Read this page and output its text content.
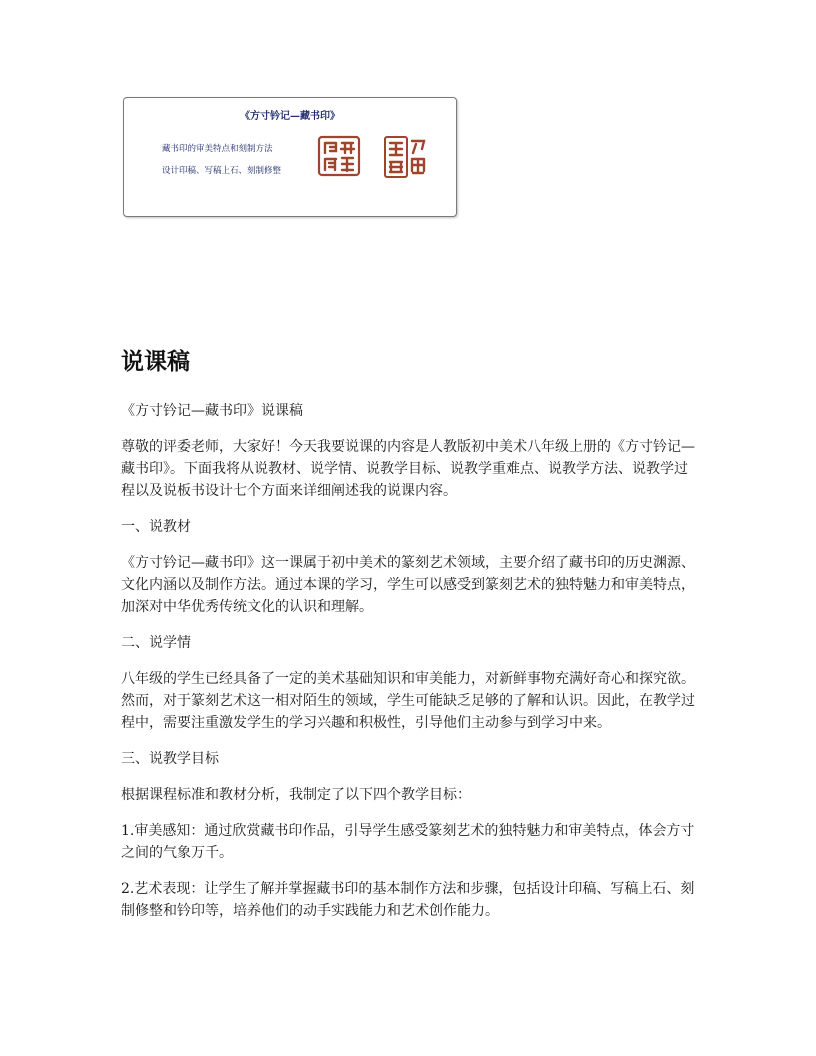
《方寸钤记—藏书印》
藏书印的审美特点和刻制方法
设计印稿、写稿上石、刻制修整
说课稿

《方寸钤记—藏书印》说课稿

尊敬的评委老师，大家好！今天我要说课的内容是人教版初中美术八年级上册的《方寸钤记—藏书印》。下面我将从说教材、说学情、说教学目标、说教学重难点、说教学方法、说教学过程以及说板书设计七个方面来详细阐述我的说课内容。

一、说教材

《方寸钤记—藏书印》这一课属于初中美术的篆刻艺术领域，主要介绍了藏书印的历史渊源、文化内涵以及制作方法。通过本课的学习，学生可以感受到篆刻艺术的独特魅力和审美特点，加深对中华优秀传统文化的认识和理解。

二、说学情

八年级的学生已经具备了一定的美术基础知识和审美能力，对新鲜事物充满好奇心和探究欲。然而，对于篆刻艺术这一相对陌生的领域，学生可能缺乏足够的了解和认识。因此，在教学过程中，需要注重激发学生的学习兴趣和积极性，引导他们主动参与到学习中来。

三、说教学目标

根据课程标准和教材分析，我制定了以下四个教学目标：

1.审美感知：通过欣赏藏书印作品，引导学生感受篆刻艺术的独特魅力和审美特点，体会方寸之间的气象万千。

2.艺术表现：让学生了解并掌握藏书印的基本制作方法和步骤，包括设计印稿、写稿上石、刻制修整和钤印等，培养他们的动手实践能力和艺术创作能力。
